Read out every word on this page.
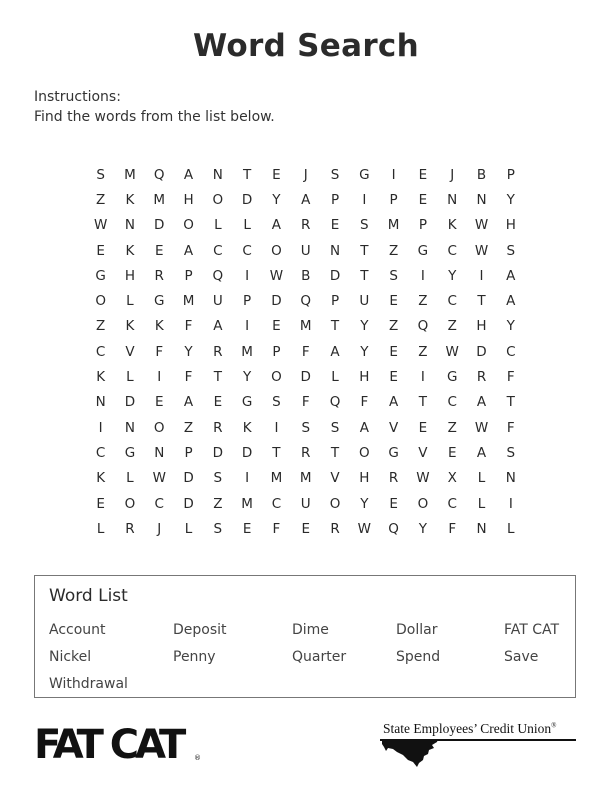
Word Search
Instructions:
Find the words from the list below.
S	M	Q	A	N	T	E	J	S	G	I	E	J	B	P
Z	K	M	H	O	D	Y	A	P	I	P	E	N	N	Y
W	N	D	O	L	L	A	R	E	S	M	P	K	W	H
E	K	E	A	C	C	O	U	N	T	Z	G	C	W	S
G	H	R	P	Q	I	W	B	D	T	S	I	Y	I	A
O	L	G	M	U	P	D	Q	P	U	E	Z	C	T	A
Z	K	K	F	A	I	E	M	T	Y	Z	Q	Z	H	Y
C	V	F	Y	R	M	P	F	A	Y	E	Z	W	D	C
K	L	I	F	T	Y	O	D	L	H	E	I	G	R	F
N	D	E	A	E	G	S	F	Q	F	A	T	C	A	T
I	N	O	Z	R	K	I	S	S	A	V	E	Z	W	F
C	G	N	P	D	D	T	R	T	O	G	V	E	A	S
K	L	W	D	S	I	M	M	V	H	R	W	X	L	N
E	O	C	D	Z	M	C	U	O	Y	E	O	C	L	I
L	R	J	L	S	E	F	E	R	W	Q	Y	F	N	L
Word List
Account	Deposit	Dime	Dollar	FAT CAT
Nickel	Penny	Quarter	Spend	Save
Withdrawal
FAT CAT	®
State Employees’ Credit Union®
